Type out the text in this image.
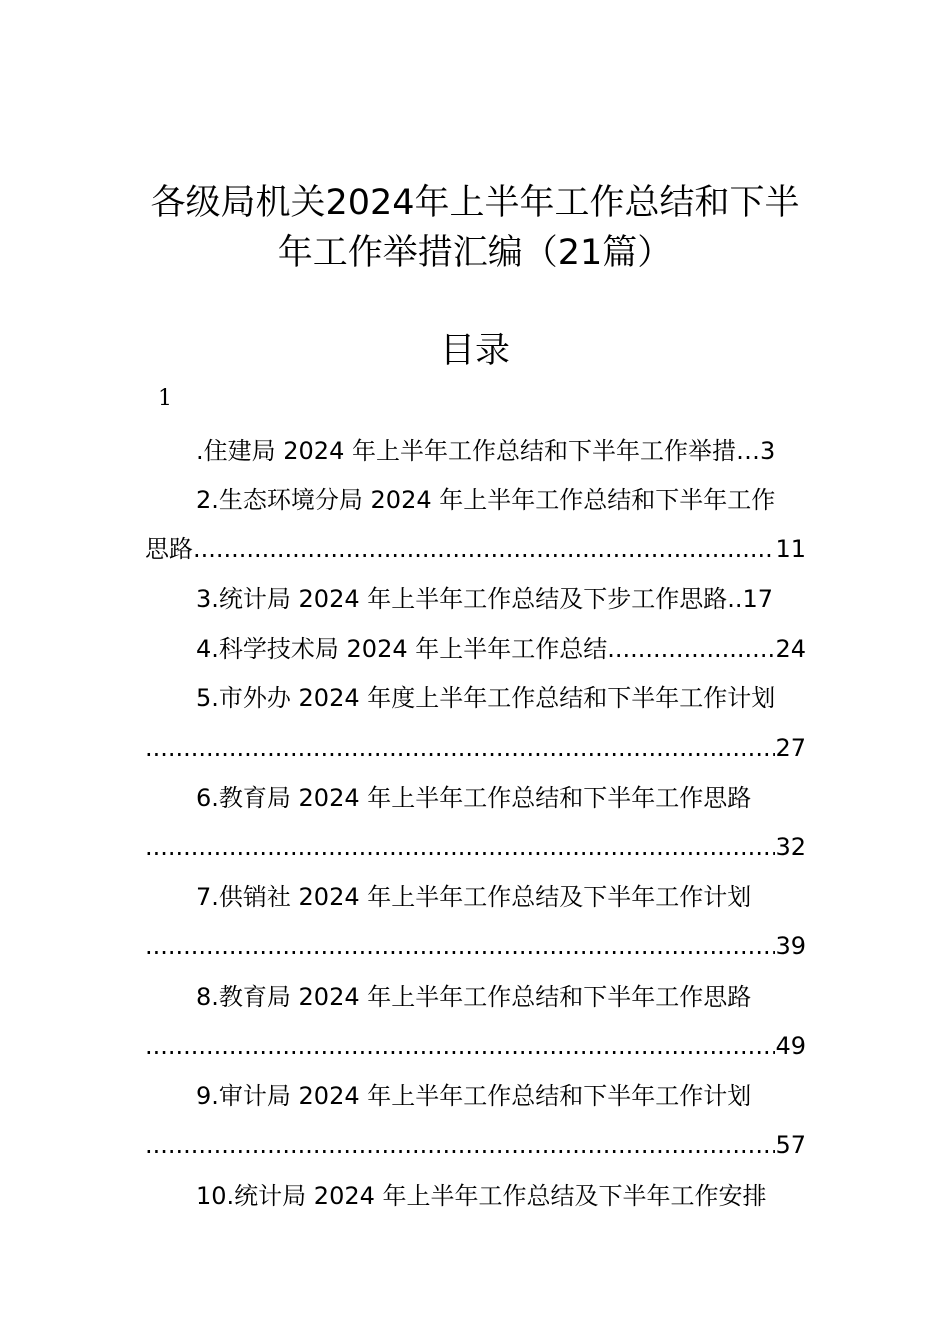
各级局机关2024年上半年工作总结和下半
年工作举措汇编（21篇）
目录
1
.住建局 2024 年上半年工作总结和下半年工作举措 … 3
2.生态环境分局 2024 年上半年工作总结和下半年工作
思路 .....	11
3.统计局 2024 年上半年工作总结及下步工作思路 .. 17
4.科学技术局 2024 年上半年工作总结 .....	24
5.市外办 2024 年度上半年工作总结和下半年工作计划
.....
27
6.教育局 2024 年上半年工作总结和下半年工作思路
.....
32
7.供销社 2024 年上半年工作总结及下半年工作计划
.....
39
8.教育局 2024 年上半年工作总结和下半年工作思路
.....
49
9.审计局 2024 年上半年工作总结和下半年工作计划
.....
57
10.统计局 2024 年上半年工作总结及下半年工作安排
